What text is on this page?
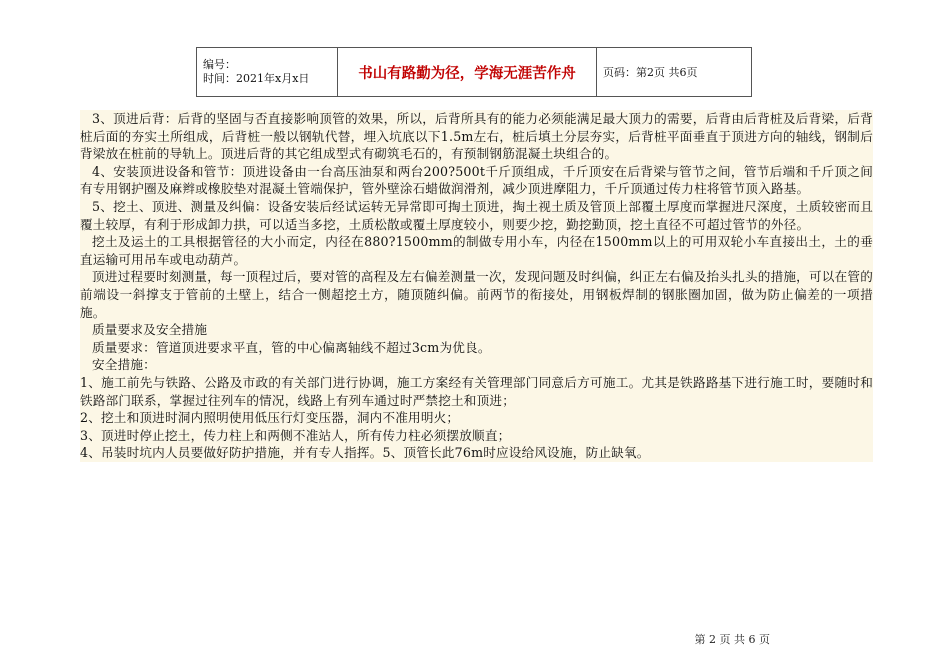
编号：
时间：2021年x月x日	书山有路勤为径，学海无涯苦作舟	页码：第2页 共6页

3、顶进后背：后背的坚固与否直接影响顶管的效果，所以，后背所具有的能力必须能满足最大顶力的需要，后背由后背桩及后背梁，后背桩后面的夯实土所组成，后背桩一般以钢轨代替，埋入坑底以下1.5m左右，桩后填土分层夯实，后背桩平面垂直于顶进方向的轴线，钢制后背梁放在桩前的导轨上。顶进后背的其它组成型式有砌筑毛石的，有预制钢筋混凝土块组合的。

4、安装顶进设备和管节：顶进设备由一台高压油泵和两台200?500t千斤顶组成，千斤顶安在后背梁与管节之间，管节后端和千斤顶之间有专用钢护圈及麻辫或橡胶垫对混凝土管端保护，管外壁涂石蜡做润滑剂，减少顶进摩阻力，千斤顶通过传力柱将管节顶入路基。

5、挖土、顶进、测量及纠偏：设备安装后经试运转无异常即可掏土顶进，掏土视土质及管顶上部覆土厚度而掌握进尺深度，土质较密而且覆土较厚，有利于形成卸力拱，可以适当多挖，土质松散或覆土厚度较小，则要少挖，勤挖勤顶，挖土直径不可超过管节的外径。

挖土及运土的工具根据管径的大小而定，内径在880?1500mm的制做专用小车，内径在1500mm以上的可用双轮小车直接出土，土的垂直运输可用吊车或电动葫芦。

顶进过程要时刻测量，每一顶程过后，要对管的高程及左右偏差测量一次，发现问题及时纠偏，纠正左右偏及抬头扎头的措施，可以在管的前端设一斜撑支于管前的土壁上，结合一侧超挖土方，随顶随纠偏。前两节的衔接处，用钢板焊制的钢胀圈加固，做为防止偏差的一项措施。

质量要求及安全措施

质量要求：管道顶进要求平直，管的中心偏离轴线不超过3cm为优良。

安全措施：

1、施工前先与铁路、公路及市政的有关部门进行协调，施工方案经有关管理部门同意后方可施工。尤其是铁路路基下进行施工时，要随时和铁路部门联系，掌握过往列车的情况，线路上有列车通过时严禁挖土和顶进；

2、挖土和顶进时洞内照明使用低压行灯变压器，洞内不准用明火；

3、顶进时停止挖土，传力柱上和两侧不准站人，所有传力柱必须摆放顺直；

4、吊装时坑内人员要做好防护措施，并有专人指挥。5、顶管长此76m时应设给风设施，防止缺氧。

第 2 页 共 6 页
